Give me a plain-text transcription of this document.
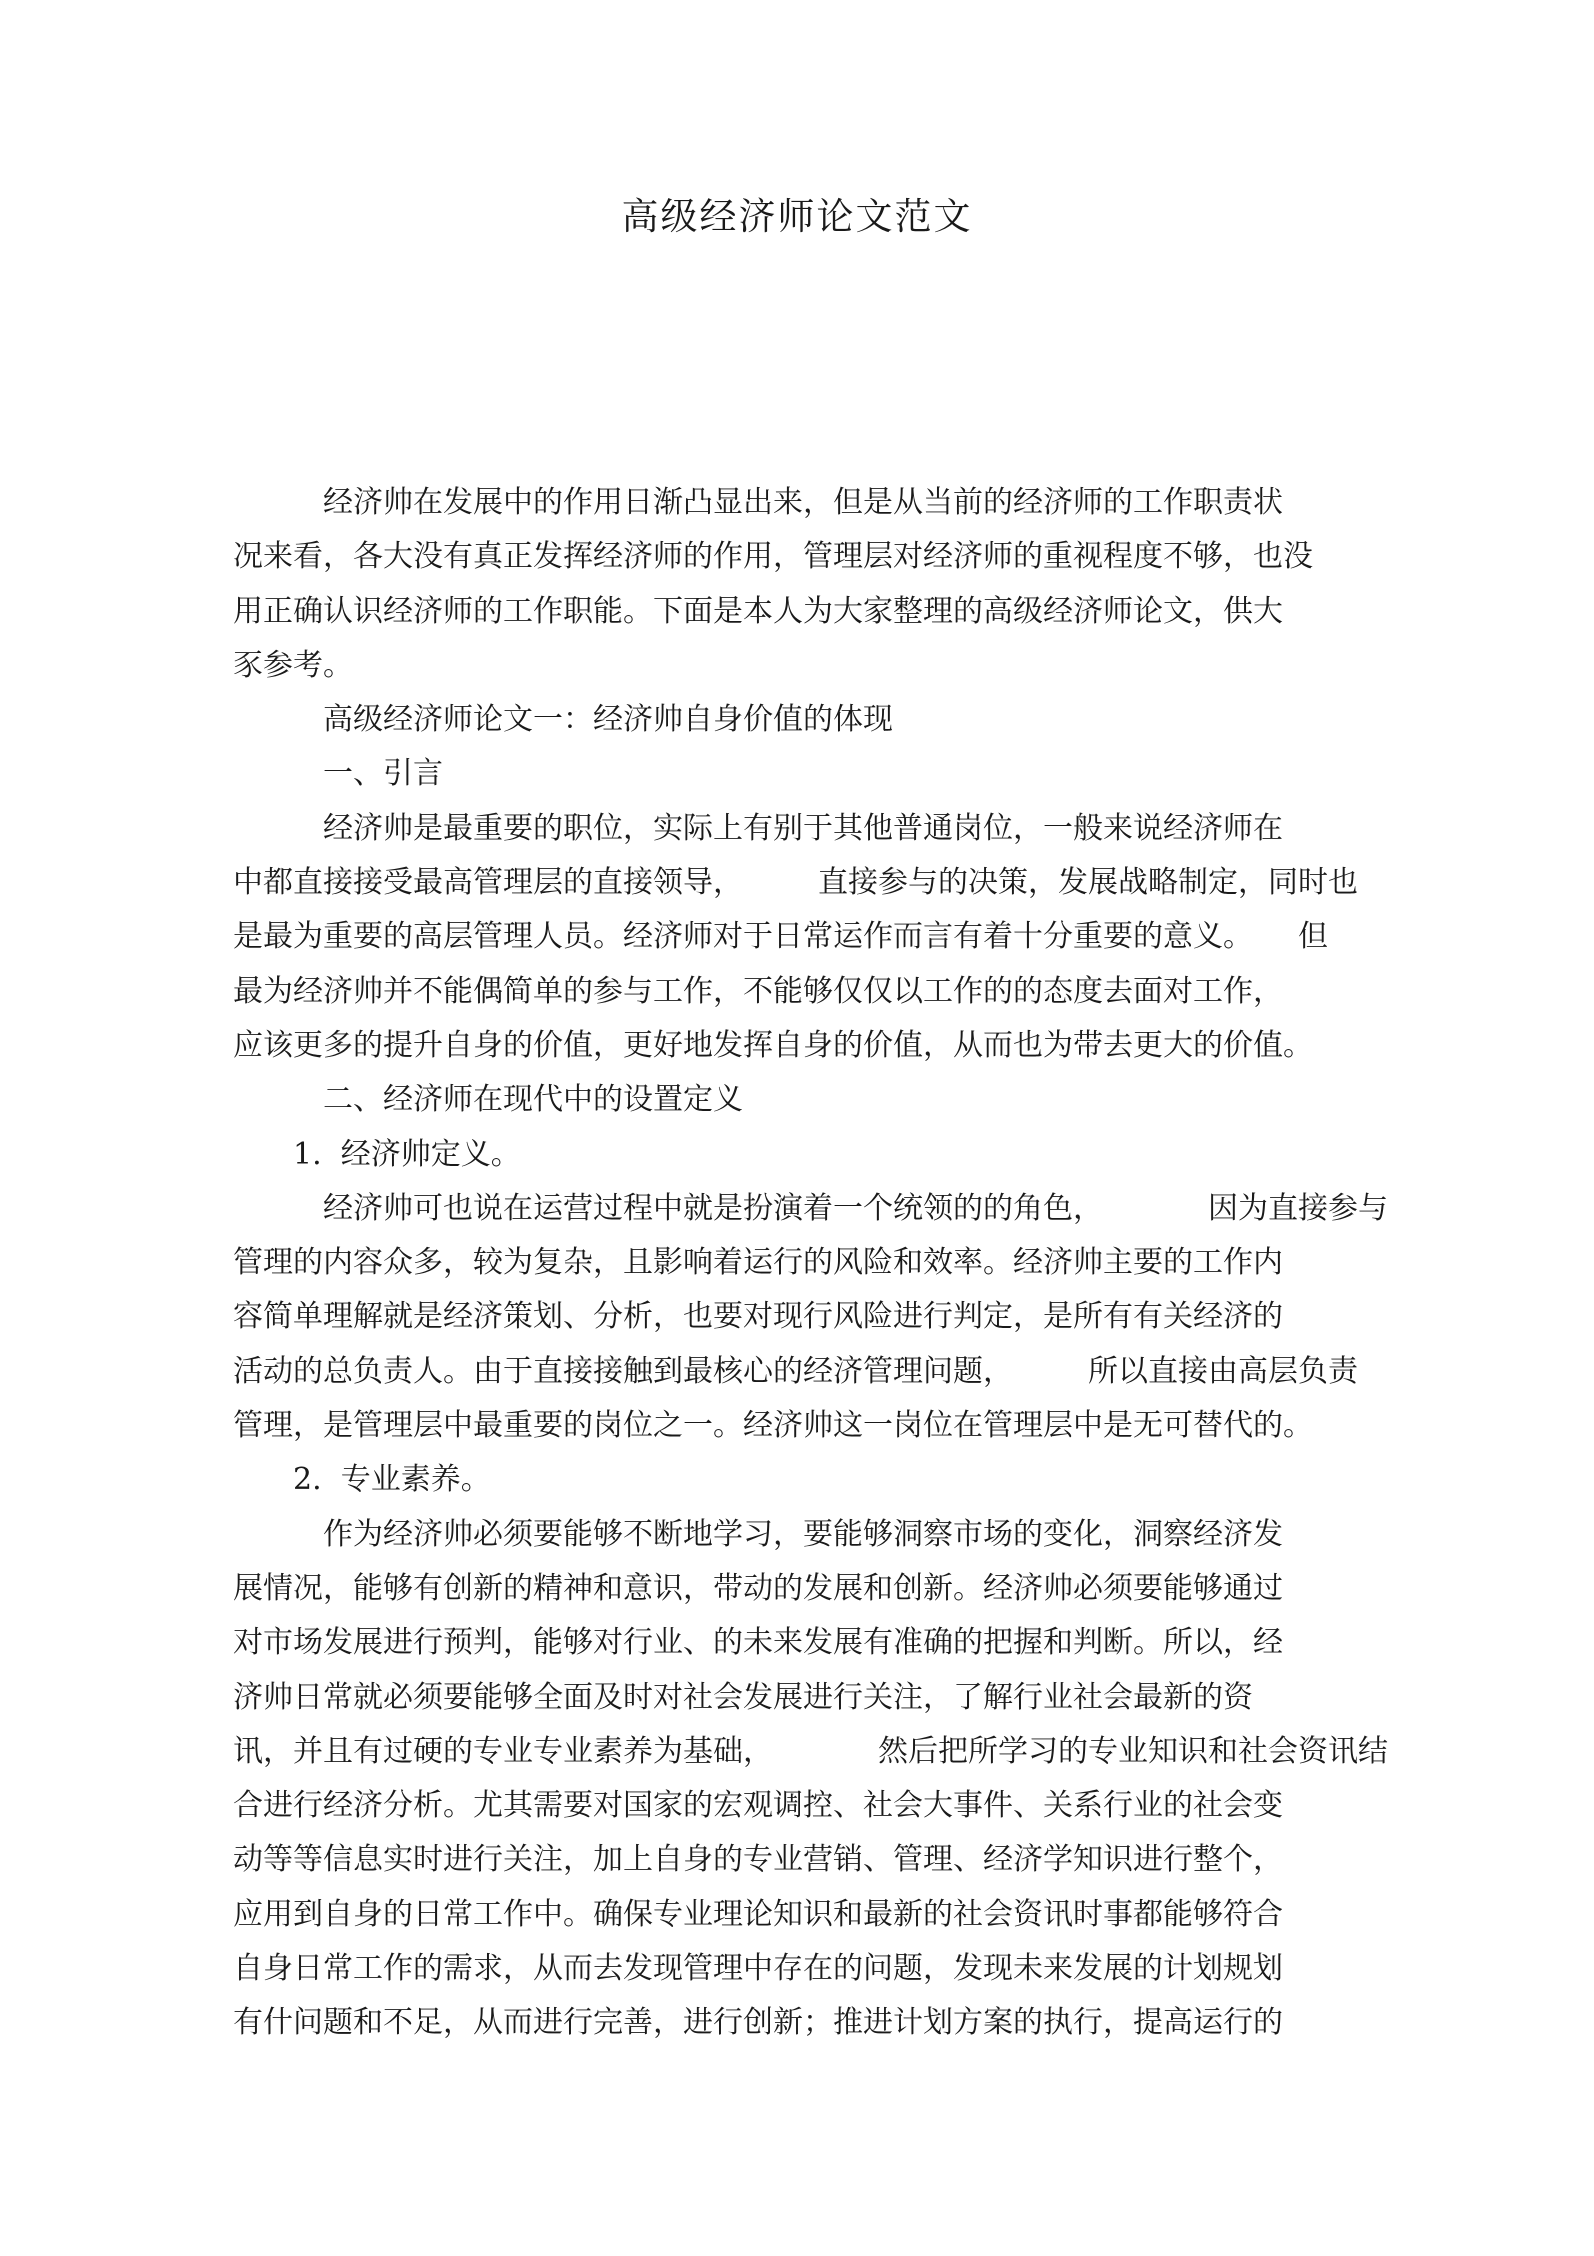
高级经济师论文范文
　　　经济帅在发展中的作用日渐凸显出来，但是从当前的经济师的工作职责状
况来看，各大没有真正发挥经济师的作用，管理层对经济师的重视程度不够，也没
用正确认识经济师的工作职能。下面是本人为大家整理的高级经济师论文，供大
豕参考。
　　　高级经济师论文一：经济帅自身价值的体现
　　　一、引言
　　　经济帅是最重要的职位，实际上有别于其他普通岗位，一般来说经济师在
中都直接接受最高管理层的直接领导，　　　直接参与的决策，发展战略制定，同时也
是最为重要的高层管理人员。经济师对于日常运作而言有着十分重要的意义。　　但
最为经济帅并不能偶简单的参与工作，不能够仅仅以工作的的态度去面对工作，
应该更多的提升自身的价值，更好地发挥自身的价值，从而也为带去更大的价值。
　　　二、经济师在现代中的设置定义
　　1.  经济帅定义。
　　　经济帅可也说在运营过程中就是扮演着一个统领的的角色，　　　　因为直接参与
管理的内容众多，较为复杂，且影响着运行的风险和效率。经济帅主要的工作内
容简单理解就是经济策划、分析，也要对现行风险进行判定，是所有有关经济的
活动的总负责人。由于直接接触到最核心的经济管理问题，　　　所以直接由高层负责
管理，是管理层中最重要的岗位之一。经济帅这一岗位在管理层中是无可替代的。
　　2.  专业素养。
　　　作为经济帅必须要能够不断地学习，要能够洞察市场的变化，洞察经济发
展情况，能够有创新的精神和意识，带动的发展和创新。经济帅必须要能够通过
对市场发展进行预判，能够对行业、的未来发展有准确的把握和判断。所以，经
济帅日常就必须要能够全面及时对社会发展进行关注，了解行业社会最新的资
讯，并且有过硬的专业专业素养为基础，　　　　然后把所学习的专业知识和社会资讯结
合进行经济分析。尤其需要对国家的宏观调控、社会大事件、关系行业的社会变
动等等信息实时进行关注，加上自身的专业营销、管理、经济学知识进行整个，
应用到自身的日常工作中。确保专业理论知识和最新的社会资讯时事都能够符合
自身日常工作的需求，从而去发现管理中存在的问题，发现未来发展的计划规划
有什问题和不足，从而进行完善，进行创新；推进计划方案的执行，提高运行的
